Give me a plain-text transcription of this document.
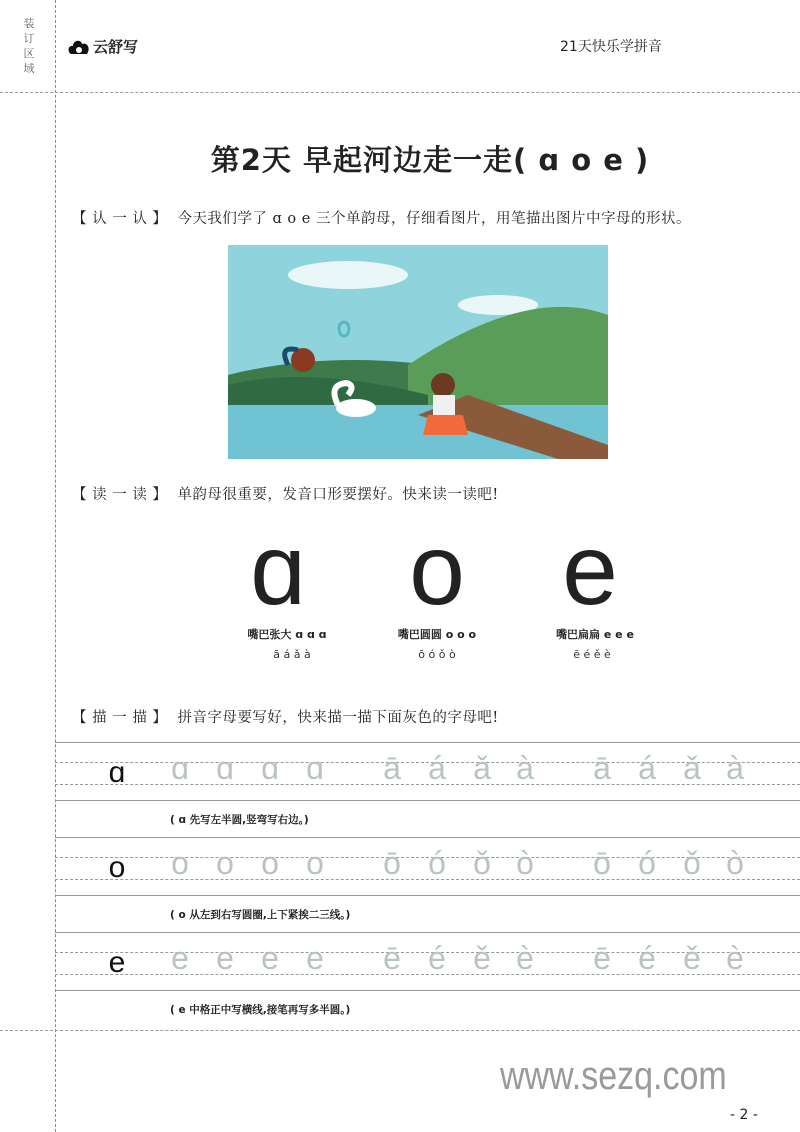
装订区域
云舒写	21天快乐学拼音
第2天 早起河边走一走( ɑ o e )
【 认 一 认 】 今天我们学了 ɑ o e 三个单韵母，仔细看图片，用笔描出图片中字母的形状。
【 读 一 读 】 单韵母很重要，发音口形要摆好。快来读一读吧!
ɑ	o e
嘴巴张大 ɑ ɑ ɑ	嘴巴圆圆 o o o	嘴巴扁扁 e e e
ā á ǎ à	ō ó ǒ ò	ē é ě è
【 描 一 描 】 拼音字母要写好，快来描一描下面灰色的字母吧!
ɑ	ɑ ɑ ɑ ɑ	ā á ǎ à	ā á ǎ à
( ɑ 先写左半圆,竖弯写右边。)
o	o o o o	ō ó ǒ ò	ō ó ǒ ò
( o 从左到右写圆圈,上下紧挨二三线。)
e	e e e e	ē é ě è	ē é ě è
( e 中格正中写横线,接笔再写多半圆。)
www.sezq.com
- 2 -
